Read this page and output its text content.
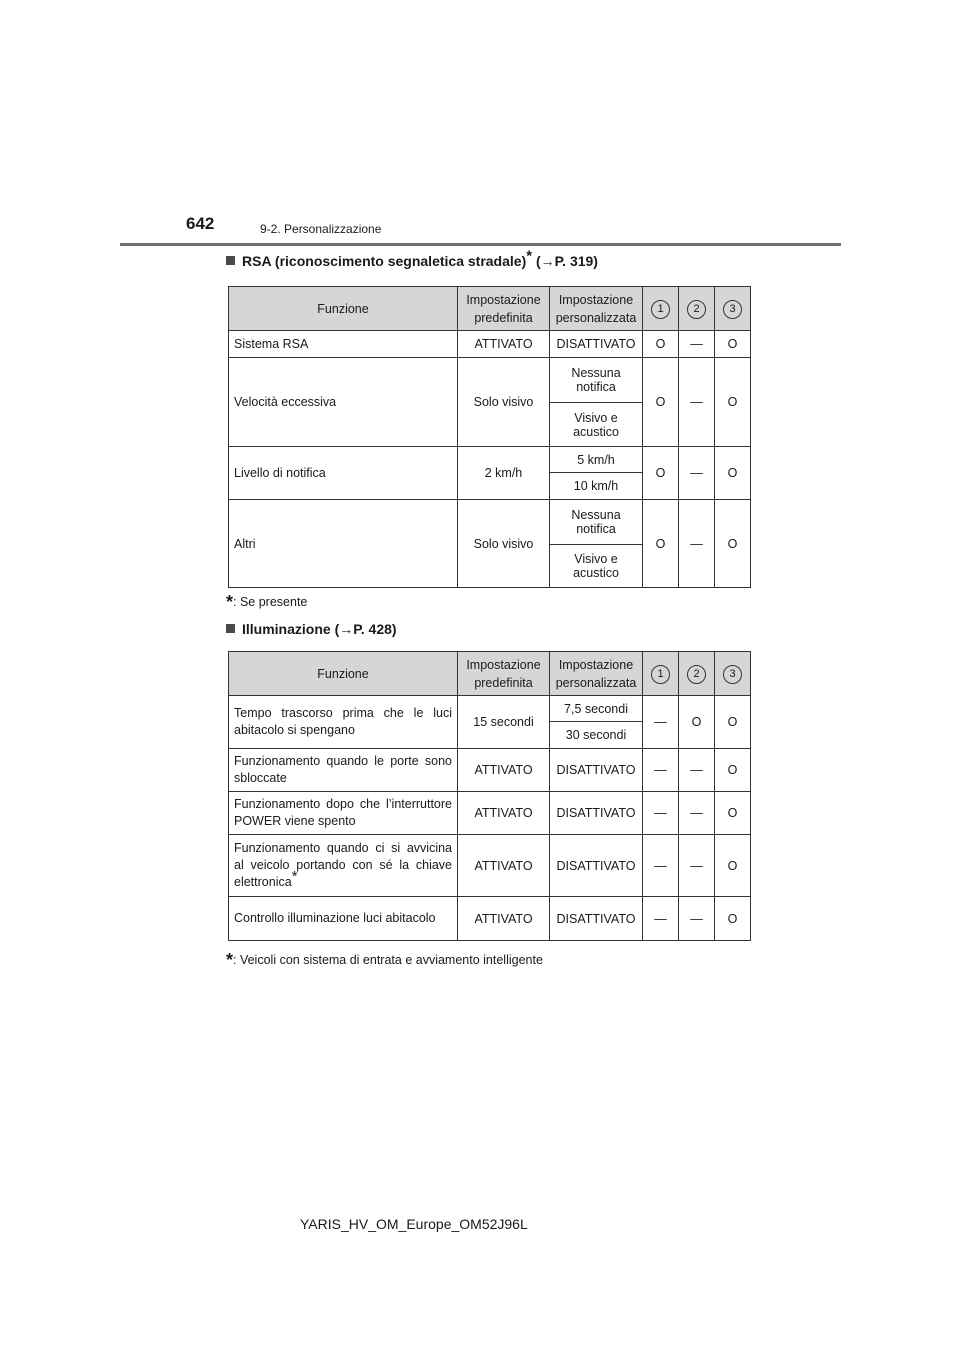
642	9-2. Personalizzazione
RSA (riconoscimento segnaletica stradale)* (→P. 319)
Funzione	Impostazione predefinita	Impostazione personalizzata	1	2	3
Sistema RSA	ATTIVATO	DISATTIVATO	O	—	O
Velocità eccessiva	Solo visivo	Nessuna notifica	O	—	O
		Visivo e acustico			
Livello di notifica	2 km/h	5 km/h	O	—	O
		10 km/h			
Altri	Solo visivo	Nessuna notifica	O	—	O
		Visivo e acustico			
*: Se presente
Illuminazione (→P. 428)
Funzione	Impostazione predefinita	Impostazione personalizzata	1	2	3
Tempo trascorso prima che le luci abitacolo si spengano	15 secondi	7,5 secondi	—	O	O
		30 secondi			
Funzionamento quando le porte sono sbloccate	ATTIVATO	DISATTIVATO	—	—	O
Funzionamento dopo che l’interruttore POWER viene spento	ATTIVATO	DISATTIVATO	—	—	O
Funzionamento quando ci si avvicina al veicolo portando con sé la chiave elettronica*	ATTIVATO	DISATTIVATO	—	—	O
Controllo illuminazione luci abitacolo	ATTIVATO	DISATTIVATO	—	—	O
*: Veicoli con sistema di entrata e avviamento intelligente
YARIS_HV_OM_Europe_OM52J96L
